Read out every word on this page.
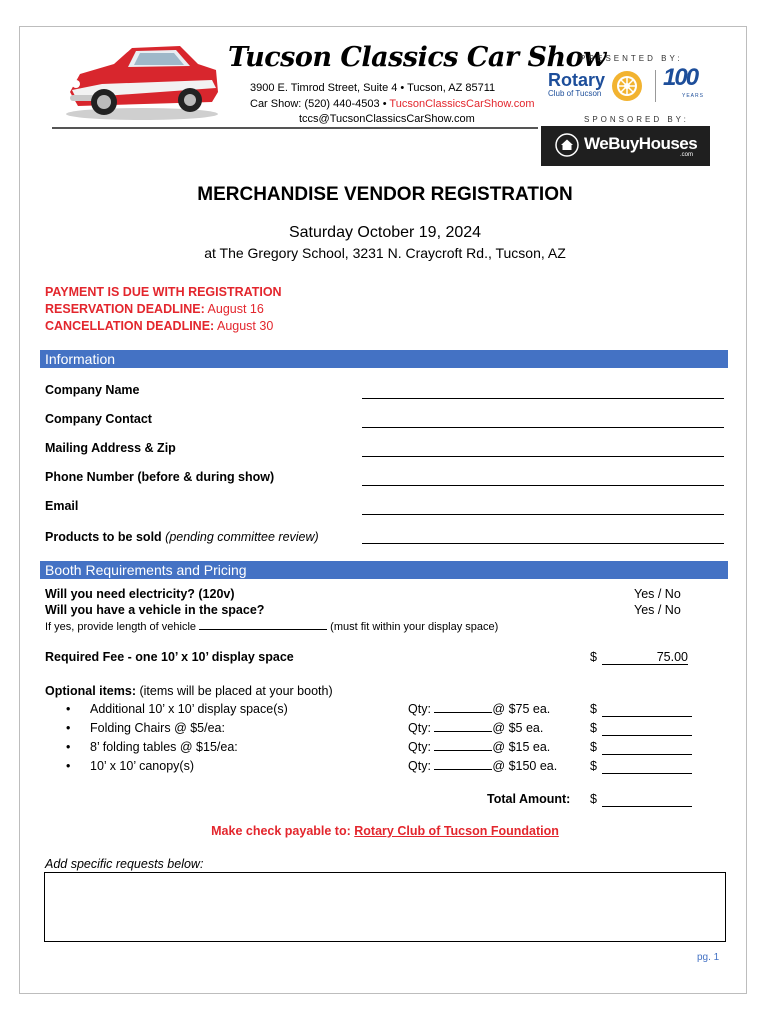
Tucson Classics Car Show
3900 E. Timrod Street, Suite 4 • Tucson, AZ 85711
Car Show: (520) 440-4503 • TucsonClassicsCarShow.com
tccs@TucsonClassicsCarShow.com
PRESENTED BY:
Rotary
Club of Tucson
100
YEARS
SPONSORED BY:
WeBuyHouses
.com
MERCHANDISE VENDOR REGISTRATION
Saturday October 19, 2024
at The Gregory School, 3231 N. Craycroft Rd., Tucson, AZ
PAYMENT IS DUE WITH REGISTRATION
RESERVATION DEADLINE: August 16
CANCELLATION DEADLINE: August 30
Information
Company Name
Company Contact
Mailing Address & Zip
Phone Number (before & during show)
Email
Products to be sold (pending committee review)
Booth Requirements and Pricing
Will you need electricity? (120v)	Yes / No
Will you have a vehicle in the space?	Yes / No
If yes, provide length of vehicle	(must fit within your display space)
Required Fee - one 10’ x 10’ display space	$	75.00
Optional items: (items will be placed at your booth)
• Additional 10’ x 10’ display space(s)	Qty:	@ $75 ea.	$
• Folding Chairs @ $5/ea:	Qty:	@ $5 ea.	$
• 8’ folding tables @ $15/ea:	Qty:	@ $15 ea.	$
• 10’ x 10’ canopy(s)	Qty:	@ $150 ea.	$
Total Amount: $
Make check payable to: Rotary Club of Tucson Foundation
Add specific requests below:
pg. 1
